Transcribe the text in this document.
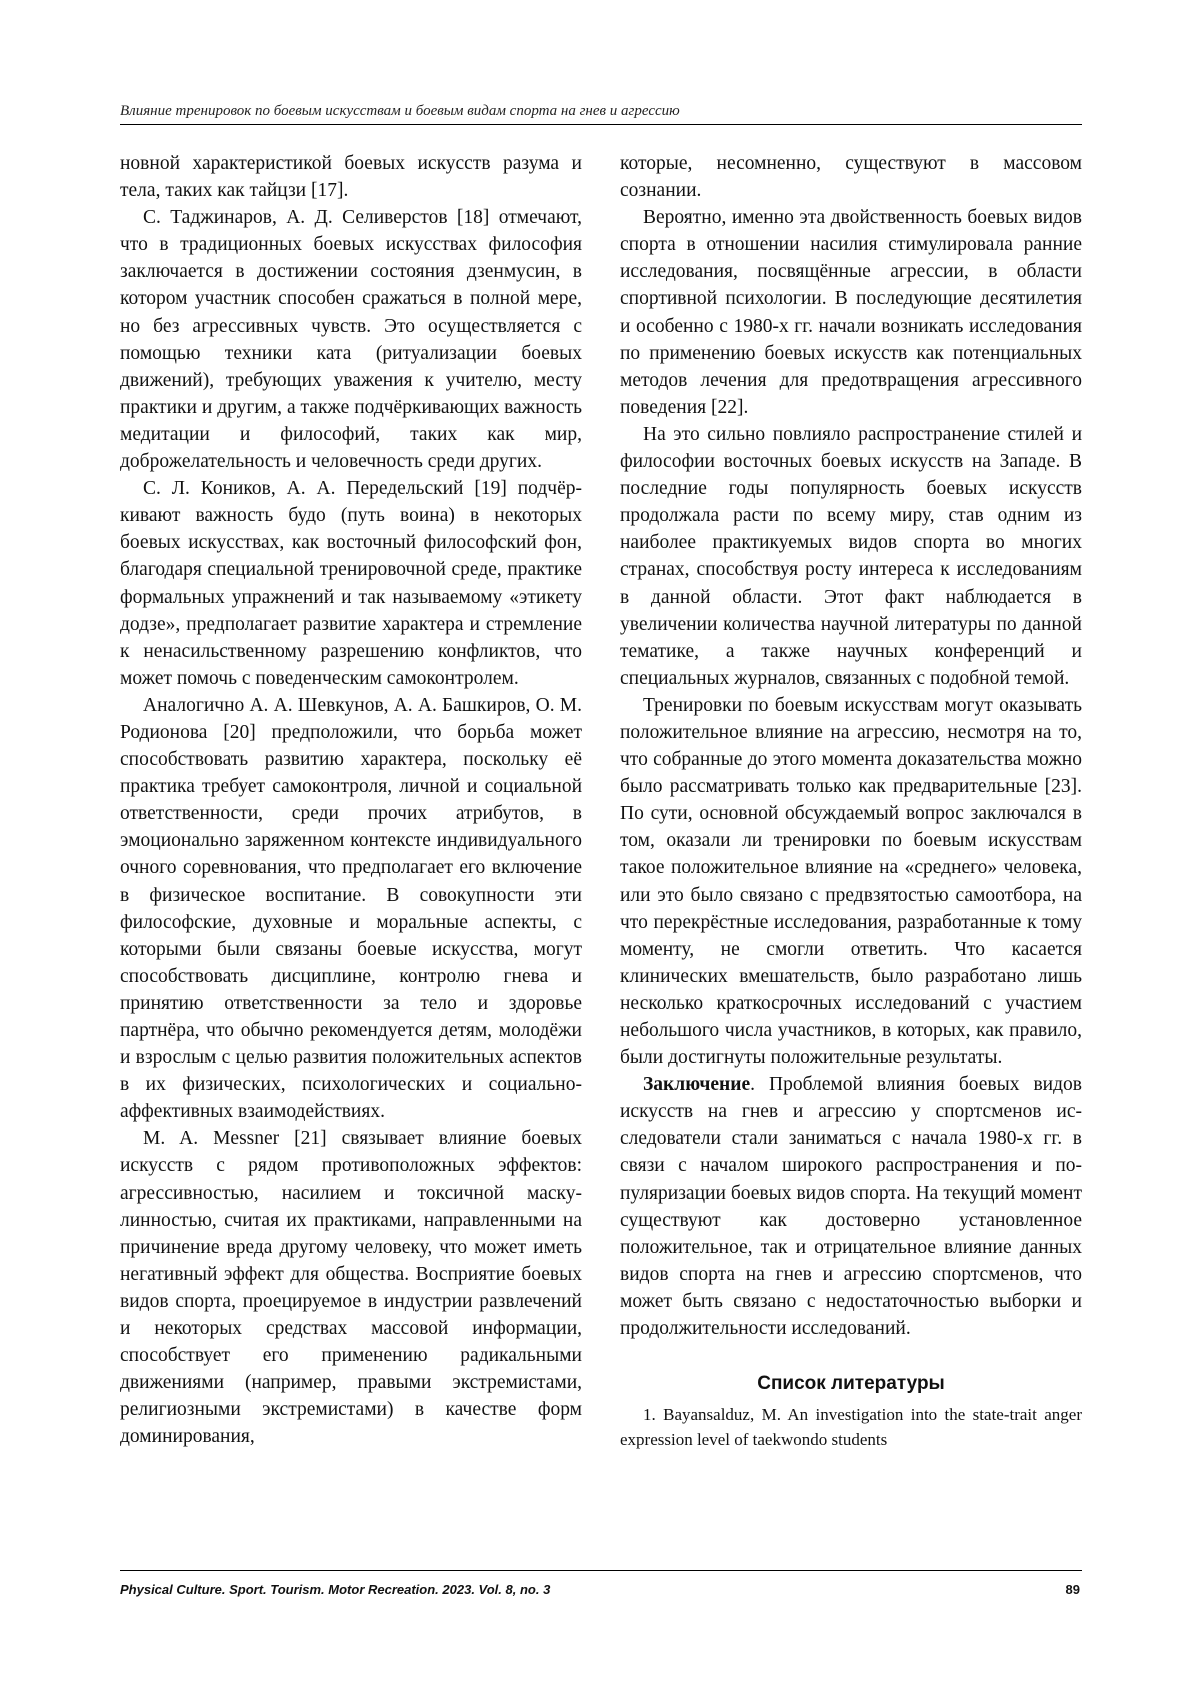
Влияние тренировок по боевым искусствам и боевым видам спорта на гнев и агрессию

новной характеристикой боевых искусств разума и тела, таких как тайцзи [17].

С. Таджинаров, А. Д. Селиверстов [18] отмечают, что в традиционных боевых искусствах философия заключается в достижении состояния дзенмусин, в котором участник способен сражаться в полной мере, но без агрессивных чувств. Это осуществляется с помощью техники ката (ритуализации боевых движений), требующих уважения к учителю, месту практики и другим, а также подчёркивающих важность медитации и философий, таких как мир, доброжелательность и человечность среди других.

С. Л. Коников, А. А. Передельский [19] подчёркивают важность будо (путь воина) в некоторых боевых искусствах, как восточный философский фон, благодаря специальной тренировочной среде, практике формальных упражнений и так называемому «этикету додзе», предполагает развитие характера и стремление к ненасильственному разрешению конфликтов, что может помочь с поведенческим самоконтролем.

Аналогично А. А. Шевкунов, А. А. Башкиров, О. М. Родионова [20] предположили, что борьба может способствовать развитию характера, поскольку её практика требует самоконтроля, личной и социальной ответственности, среди прочих атрибутов, в эмоционально заряженном контексте индивидуального очного соревнования, что предполагает его включение в физическое воспитание. В совокупности эти философские, духовные и моральные аспекты, с которыми были связаны боевые искусства, могут способствовать дисциплине, контролю гнева и принятию ответственности за тело и здоровье партнёра, что обычно рекомендуется детям, молодёжи и взрослым с целью развития положительных аспектов в их физических, психологических и социально-аффективных взаимодействиях.

M. A. Messner [21] связывает влияние боевых искусств с рядом противоположных эффектов: агрессивностью, насилием и токсичной маскулинностью, считая их практиками, направленными на причинение вреда другому человеку, что может иметь негативный эффект для общества. Восприятие боевых видов спорта, проецируемое в индустрии развлечений и некоторых средствах массовой информации, способствует его применению радикальными движениями (например, правыми экстремистами, религиозными экстремистами) в качестве форм доминирования,

которые, несомненно, существуют в массовом сознании.

Вероятно, именно эта двойственность боевых видов спорта в отношении насилия стимулировала ранние исследования, посвящённые агрессии, в области спортивной психологии. В последующие десятилетия и особенно с 1980-х гг. начали возникать исследования по применению боевых искусств как потенциальных методов лечения для предотвращения агрессивного поведения [22].

На это сильно повлияло распространение стилей и философии восточных боевых искусств на Западе. В последние годы популярность боевых искусств продолжала расти по всему миру, став одним из наиболее практикуемых видов спорта во многих странах, способствуя росту интереса к исследованиям в данной области. Этот факт наблюдается в увеличении количества научной литературы по данной тематике, а также научных конференций и специальных журналов, связанных с подобной темой.

Тренировки по боевым искусствам могут оказывать положительное влияние на агрессию, несмотря на то, что собранные до этого момента доказательства можно было рассматривать только как предварительные [23]. По сути, основной обсуждаемый вопрос заключался в том, оказали ли тренировки по боевым искусствам такое положительное влияние на «среднего» человека, или это было связано с предвзятостью самоотбора, на что перекрёстные исследования, разработанные к тому моменту, не смогли ответить. Что касается клинических вмешательств, было разработано лишь несколько краткосрочных исследований с участием небольшого числа участников, в которых, как правило, были достигнуты положительные результаты.

Заключение. Проблемой влияния боевых видов искусств на гнев и агрессию у спортсменов исследователи стали заниматься с начала 1980-х гг. в связи с началом широкого распространения и популяризации боевых видов спорта. На текущий момент существуют как достоверно установленное положительное, так и отрицательное влияние данных видов спорта на гнев и агрессию спортсменов, что может быть связано с недостаточностью выборки и продолжительности исследований.

Список литературы

1. Bayansalduz, M. An investigation into the state-trait anger expression level of taekwondo students

Physical Culture. Sport. Tourism. Motor Recreation. 2023. Vol. 8, no. 3	89
